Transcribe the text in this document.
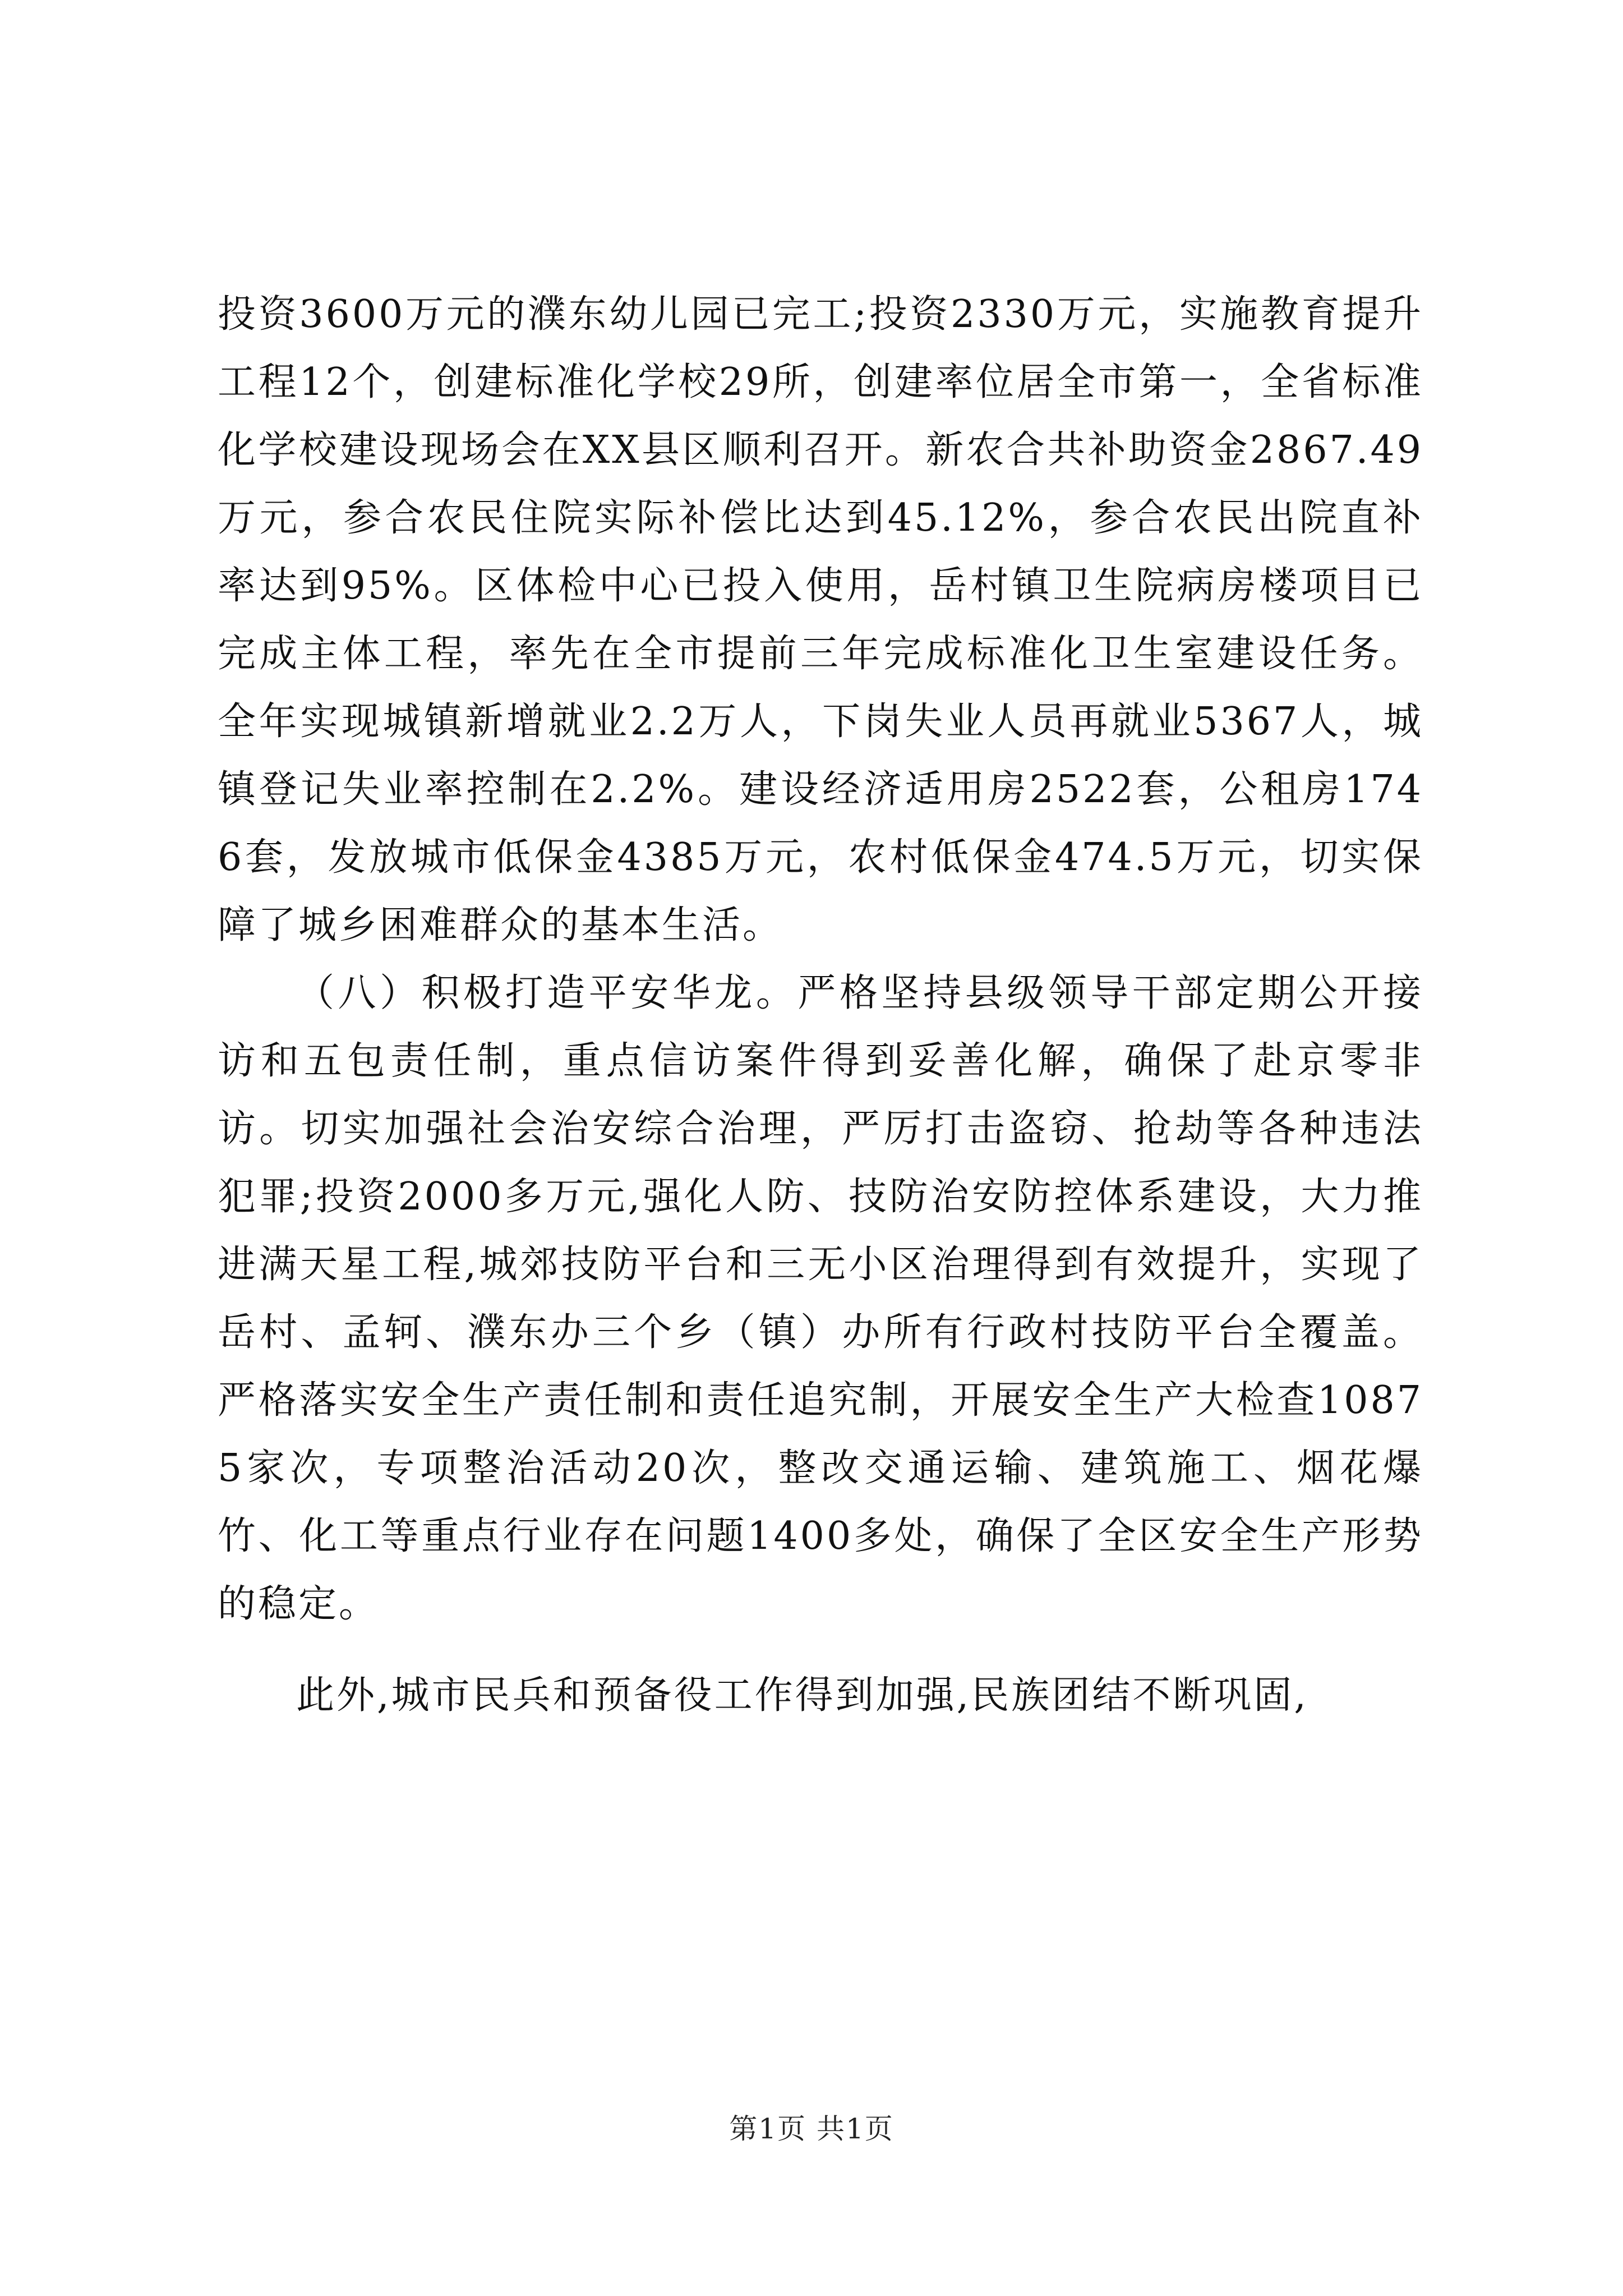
投资3600万元的濮东幼儿园已完工;投资2330万元，实施教育提升工程12个，创建标准化学校29所，创建率位居全市第一，全省标准化学校建设现场会在XX县区顺利召开。新农合共补助资金2867.49万元，参合农民住院实际补偿比达到45.12%，参合农民出院直补率达到95%。区体检中心已投入使用，岳村镇卫生院病房楼项目已完成主体工程，率先在全市提前三年完成标准化卫生室建设任务。全年实现城镇新增就业2.2万人，下岗失业人员再就业5367人，城镇登记失业率控制在2.2%。建设经济适用房2522套，公租房1746套，发放城市低保金4385万元，农村低保金474.5万元，切实保障了城乡困难群众的基本生活。

（八）积极打造平安华龙。严格坚持县级领导干部定期公开接访和五包责任制，重点信访案件得到妥善化解，确保了赴京零非访。切实加强社会治安综合治理，严厉打击盗窃、抢劫等各种违法犯罪;投资2000多万元,强化人防、技防治安防控体系建设，大力推进满天星工程,城郊技防平台和三无小区治理得到有效提升，实现了岳村、孟轲、濮东办三个乡（镇）办所有行政村技防平台全覆盖。严格落实安全生产责任制和责任追究制，开展安全生产大检查10875家次，专项整治活动20次，整改交通运输、建筑施工、烟花爆竹、化工等重点行业存在问题1400多处，确保了全区安全生产形势的稳定。

此外,城市民兵和预备役工作得到加强,民族团结不断巩固,

第1页 共1页
